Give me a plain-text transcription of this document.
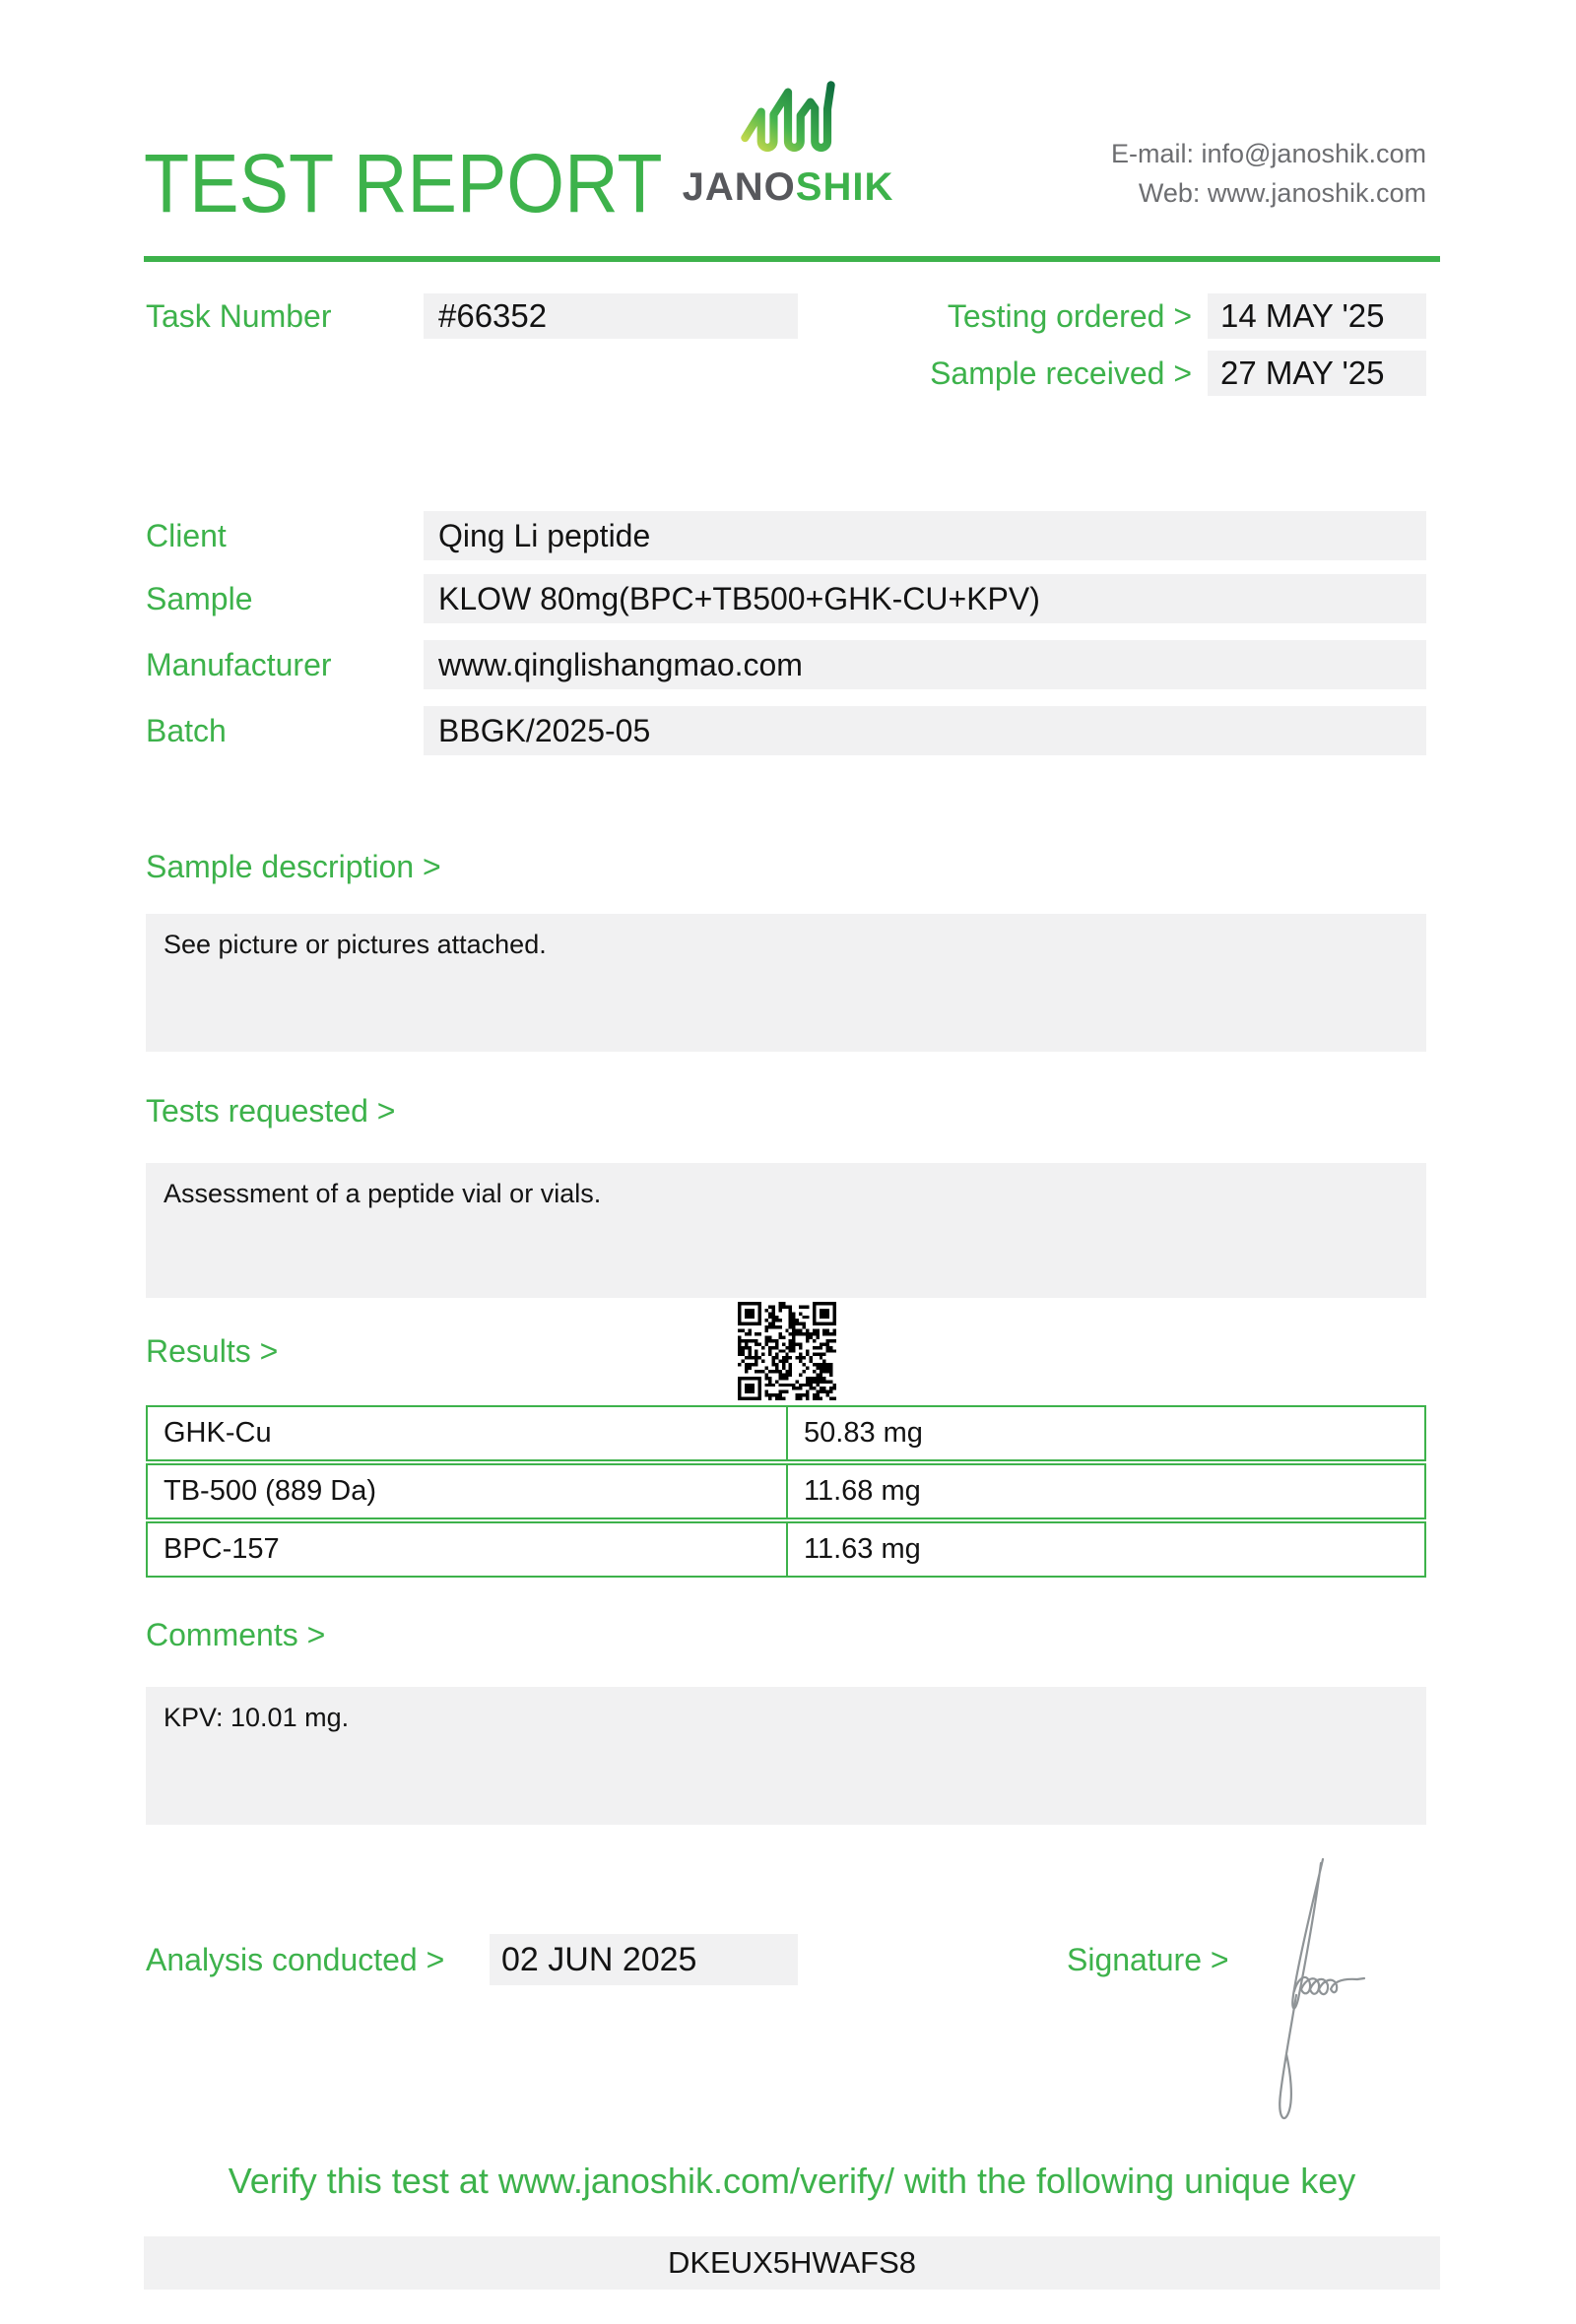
TEST REPORT JANOSHIK
E-mail: info@janoshik.com
Web: www.janoshik.com
Task Number	#66352	Testing ordered > 14 MAY '25
Sample received > 27 MAY '25
Client	Qing Li peptide
Sample	KLOW 80mg(BPC+TB500+GHK-CU+KPV)
Manufacturer	www.qinglishangmao.com
Batch	BBGK/2025-05
Sample description >
See picture or pictures attached.
Tests requested >
Assessment of a peptide vial or vials.
Results >
GHK-Cu	50.83 mg
TB-500 (889 Da)	11.68 mg
BPC-157	11.63 mg
Comments >
KPV: 10.01 mg.
Analysis conducted >	02 JUN 2025	Signature >
Verify this test at www.janoshik.com/verify/ with the following unique key
DKEUX5HWAFS8
